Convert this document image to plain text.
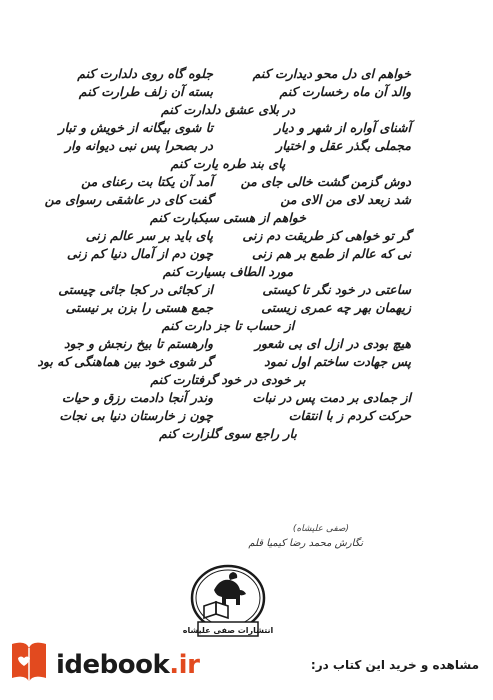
خواهم ای دل محو دیدارت کنم
جلوه گاه روی دلدارت کنم
والد آن ماه رخسارت کنم
بسته آن زلف طرارت کنم
در بلای عشق دلدارت کنم
آشنای آواره از شهر و دیار
تا شوی بیگانه از خویش و تبار
مجملی بگذر عقل و اختیار
در بصحرا پس نبی دیوانه وار
پای بند طره یارت کنم
دوش گزمن گشت خالی جای من
آمد آن یکتا بت رعنای من
شد زبعد لای من الای من
گفت کای در عاشقی رسوای من
خواهم از هستی سبکبارت کنم
گر تو خواهی کز طریقت دم زنی
پای باید بر سر عالم زنی
نی که عالم از طمع بر هم زنی
چون دم از آمال دنیا کم زنی
مورد الطاف بسیارت کنم
ساعتی در خود نگر تا کیستی
از کجائی در کجا جائی چیستی
زیهمان بهر چه عمری زیستی
جمع هستی را بزن بر نیستی
از حساب تا جز دارت کنم
هیچ بودی در ازل ای بی شعور
وارهستم تا بیخ رنجش و جود
پس جهادت ساختم اول نمود
گر شوی خود بین هماهنگی که بود
بر خودی در خود گرفتارت کنم
از جمادی بر دمت پس در نبات
وندر آنجا دادمت رزق و حیات
حرکت کردم ز با انتقات
چون ز خارستان دنیا بی نجات
بار راجع سوی گلزارت کنم
(صفی علیشاه)
نگارش محمد رضا کیمیا قلم
انتشارات صفی علیشاه
idebook.ir	مشاهده و خرید این کتاب در:
